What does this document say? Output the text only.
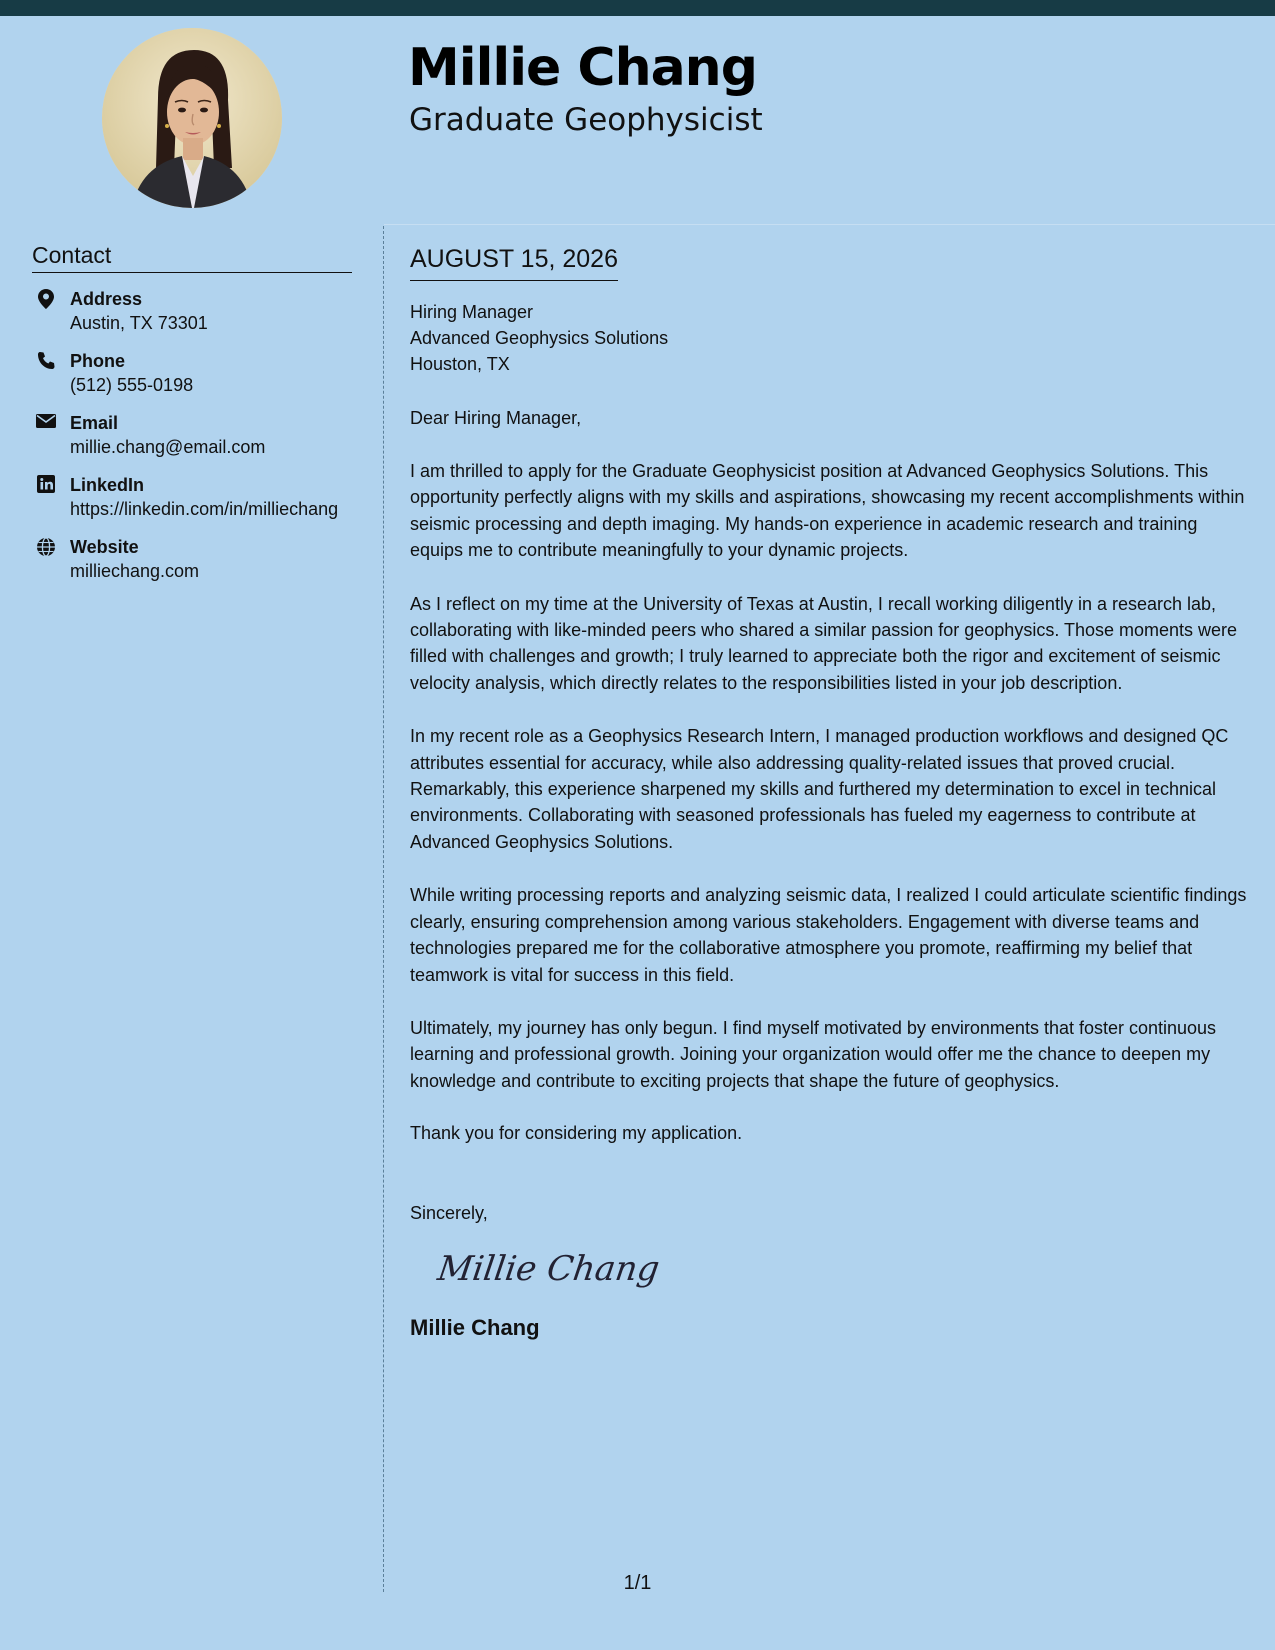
Millie Chang
Graduate Geophysicist
Contact
Address
Austin, TX 73301
Phone
(512) 555-0198
Email
millie.chang@email.com
LinkedIn
https://linkedin.com/in/milliechang
Website
milliechang.com
AUGUST 15, 2026
Hiring Manager
Advanced Geophysics Solutions
Houston, TX
Dear Hiring Manager,

I am thrilled to apply for the Graduate Geophysicist position at Advanced Geophysics Solutions. This opportunity perfectly aligns with my skills and aspirations, showcasing my recent accomplishments within seismic processing and depth imaging. My hands-on experience in academic research and training equips me to contribute meaningfully to your dynamic projects.

As I reflect on my time at the University of Texas at Austin, I recall working diligently in a research lab, collaborating with like-minded peers who shared a similar passion for geophysics. Those moments were filled with challenges and growth; I truly learned to appreciate both the rigor and excitement of seismic velocity analysis, which directly relates to the responsibilities listed in your job description.

In my recent role as a Geophysics Research Intern, I managed production workflows and designed QC attributes essential for accuracy, while also addressing quality-related issues that proved crucial. Remarkably, this experience sharpened my skills and furthered my determination to excel in technical environments. Collaborating with seasoned professionals has fueled my eagerness to contribute at Advanced Geophysics Solutions.

While writing processing reports and analyzing seismic data, I realized I could articulate scientific findings clearly, ensuring comprehension among various stakeholders. Engagement with diverse teams and technologies prepared me for the collaborative atmosphere you promote, reaffirming my belief that teamwork is vital for success in this field.

Ultimately, my journey has only begun. I find myself motivated by environments that foster continuous learning and professional growth. Joining your organization would offer me the chance to deepen my knowledge and contribute to exciting projects that shape the future of geophysics.

Thank you for considering my application.
Sincerely,
Millie Chang
Millie Chang
1/1
